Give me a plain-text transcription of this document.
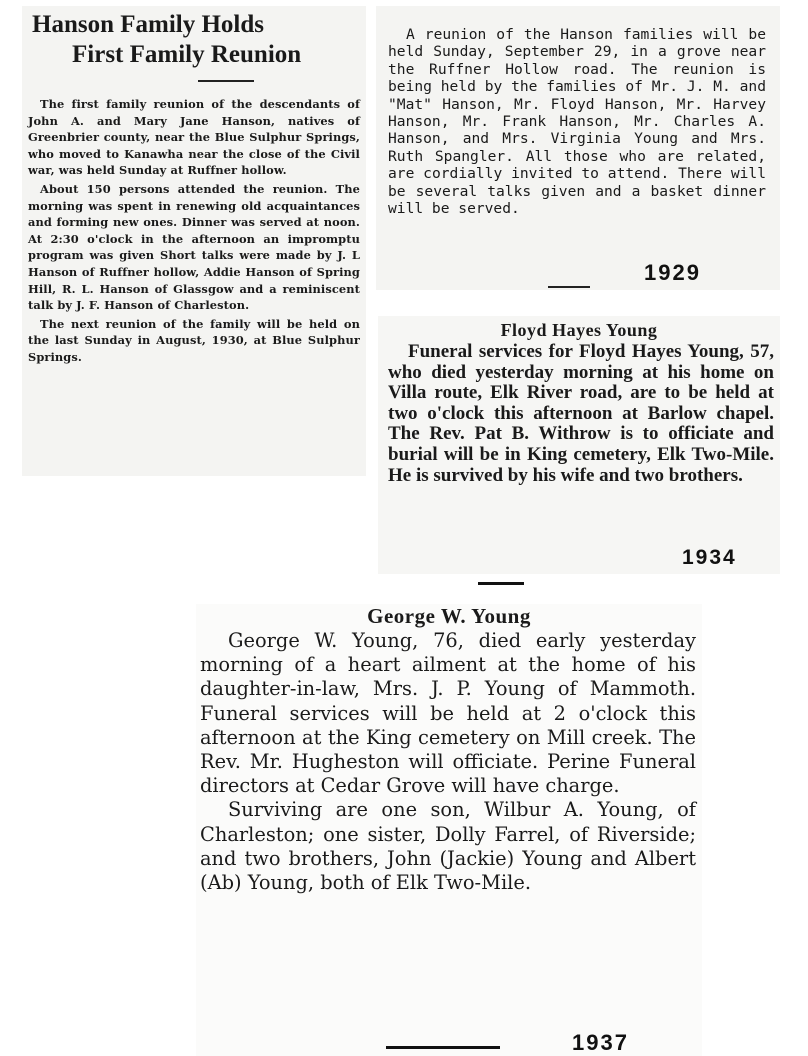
Hanson Family Holds
First Family Reunion

The first family reunion of the descendants of John A. and Mary Jane Hanson, natives of Greenbrier county, near the Blue Sulphur Springs, who moved to Kanawha near the close of the Civil war, was held Sunday at Ruffner hollow.

About 150 persons attended the reunion. The morning was spent in renewing old acquaintances and forming new ones. Dinner was served at noon. At 2:30 o'clock in the afternoon an impromptu program was given Short talks were made by J. L Hanson of Ruffner hollow, Addie Hanson of Spring Hill, R. L. Hanson of Glassgow and a reminiscent talk by J. F. Hanson of Charleston.

The next reunion of the family will be held on the last Sunday in August, 1930, at Blue Sulphur Springs.

A reunion of the Hanson families will be held Sunday, September 29, in a grove near the Ruffner Hollow road. The reunion is being held by the families of Mr. J. M. and "Mat" Hanson, Mr. Floyd Hanson, Mr. Harvey Hanson, Mr. Frank Hanson, Mr. Charles A. Hanson, and Mrs. Virginia Young and Mrs. Ruth Spangler. All those who are related, are cordially invited to attend. There will be several talks given and a basket dinner will be served.

1929
Floyd Hayes Young

Funeral services for Floyd Hayes Young, 57, who died yesterday morning at his home on Villa route, Elk River road, are to be held at two o'clock this afternoon at Barlow chapel. The Rev. Pat B. Withrow is to officiate and burial will be in King cemetery, Elk Two-Mile. He is survived by his wife and two brothers.

1934
George W. Young

George W. Young, 76, died early yesterday morning of a heart ailment at the home of his daughter-in-law, Mrs. J. P. Young of Mammoth. Funeral services will be held at 2 o'clock this afternoon at the King cemetery on Mill creek. The Rev. Mr. Hugheston will officiate. Perine Funeral directors at Cedar Grove will have charge.

Surviving are one son, Wilbur A. Young, of Charleston; one sister, Dolly Farrel, of Riverside; and two brothers, John (Jackie) Young and Albert (Ab) Young, both of Elk Two-Mile.

1937
